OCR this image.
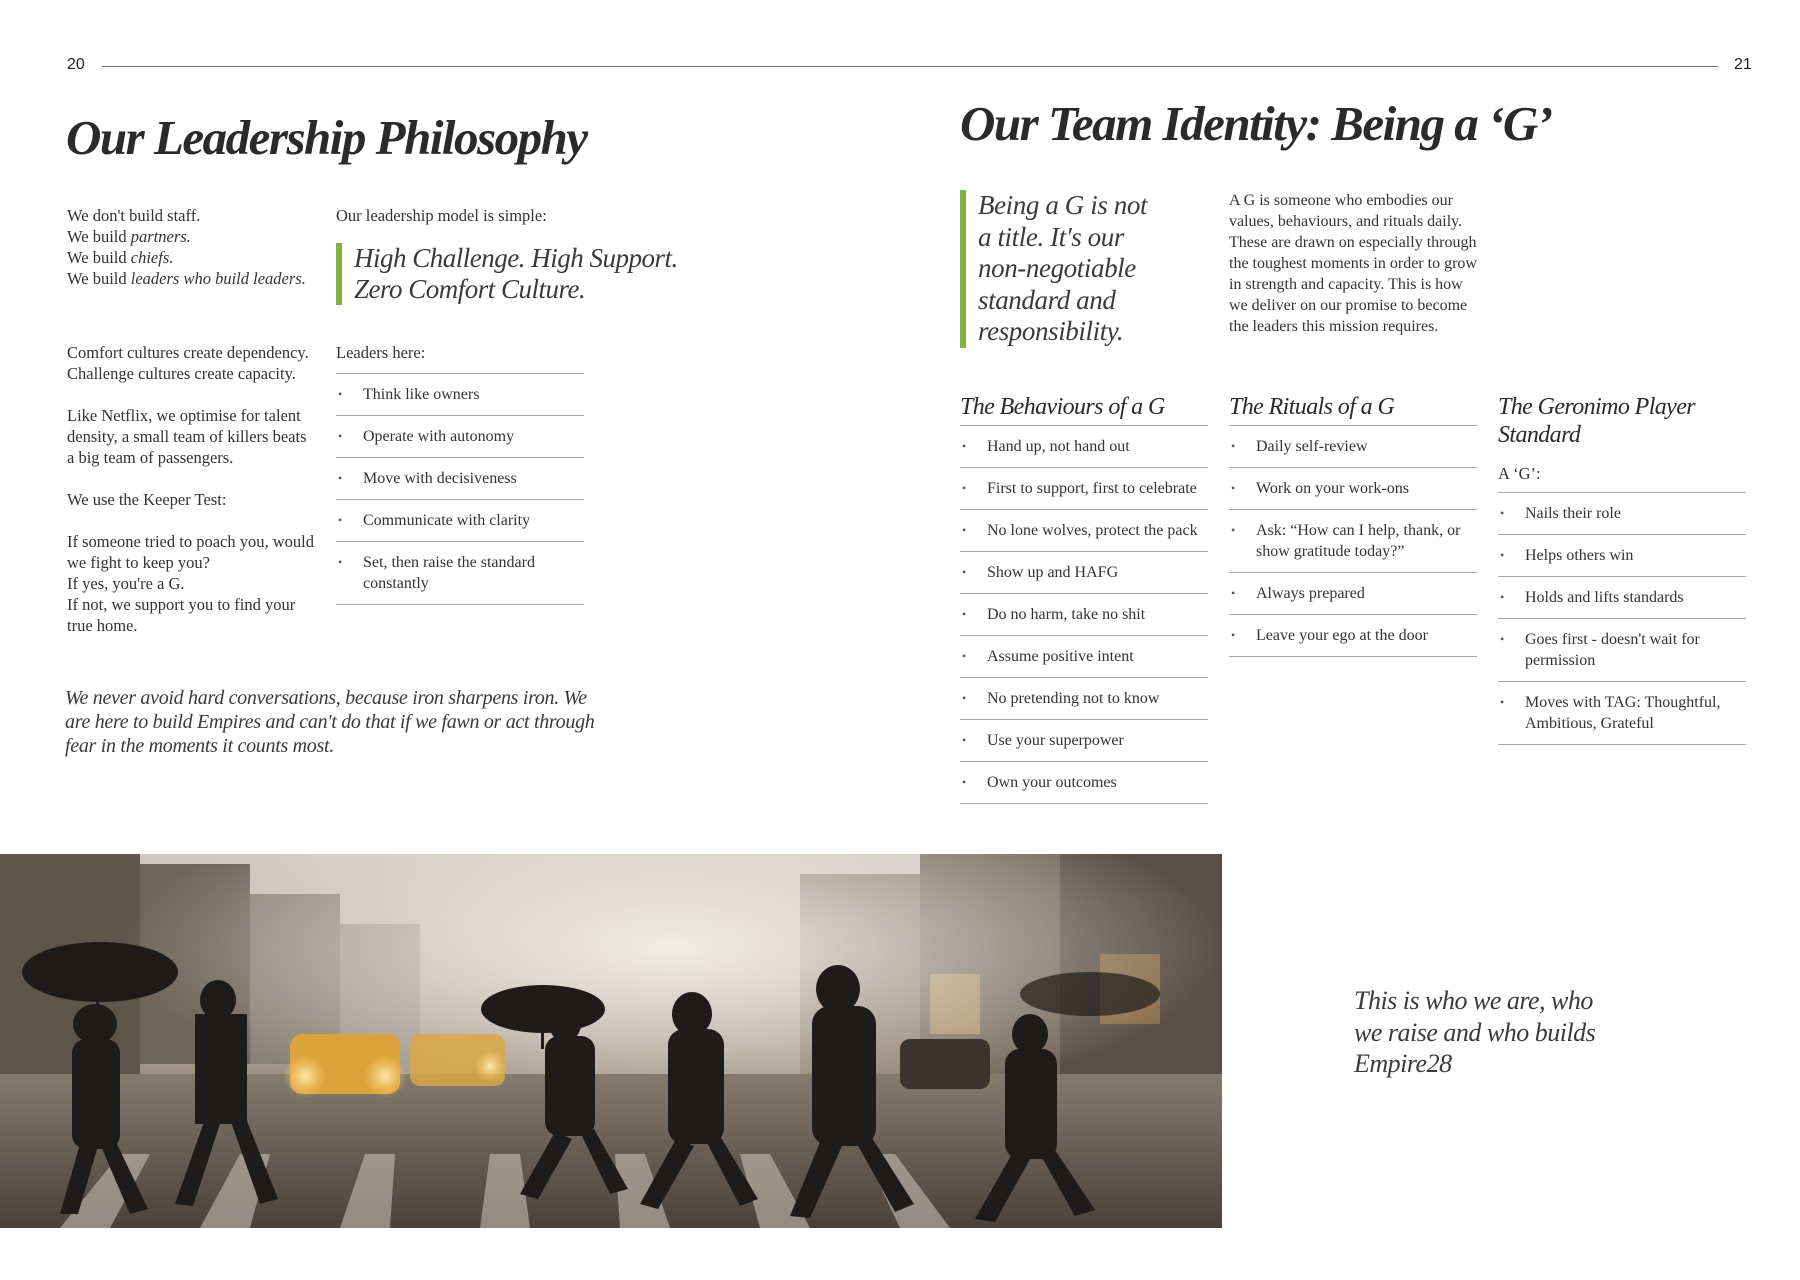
20	21
Our Leadership Philosophy
We don't build staff.
We build partners.
We build chiefs.
We build leaders who build leaders.
Our leadership model is simple:
High Challenge. High Support.
Zero Comfort Culture.
Comfort cultures create dependency.
Challenge cultures create capacity.
Like Netflix, we optimise for talent
density, a small team of killers beats
a big team of passengers.
We use the Keeper Test:
If someone tried to poach you, would
we fight to keep you?
If yes, you're a G.
If not, we support you to find your
true home.
Leaders here:
• Think like owners
• Operate with autonomy
• Move with decisiveness
• Communicate with clarity
• Set, then raise the standard constantly
We never avoid hard conversations, because iron sharpens iron. We
are here to build Empires and can't do that if we fawn or act through
fear in the moments it counts most.
Our Team Identity: Being a ‘G’
Being a G is not
a title. It's our
non-negotiable
standard and
responsibility.
A G is someone who embodies our
values, behaviours, and rituals daily.
These are drawn on especially through
the toughest moments in order to grow
in strength and capacity. This is how
we deliver on our promise to become
the leaders this mission requires.
The Behaviours of a G
• Hand up, not hand out
• First to support, first to celebrate
• No lone wolves, protect the pack
• Show up and HAFG
• Do no harm, take no shit
• Assume positive intent
• No pretending not to know
• Use your superpower
• Own your outcomes
The Rituals of a G
• Daily self-review
• Work on your work-ons
• Ask: “How can I help, thank, or show gratitude today?”
• Always prepared
• Leave your ego at the door
The Geronimo Player
Standard
A ‘G’:
• Nails their role
• Helps others win
• Holds and lifts standards
• Goes first - doesn't wait for permission
• Moves with TAG: Thoughtful, Ambitious, Grateful
This is who we are, who
we raise and who builds
Empire28
